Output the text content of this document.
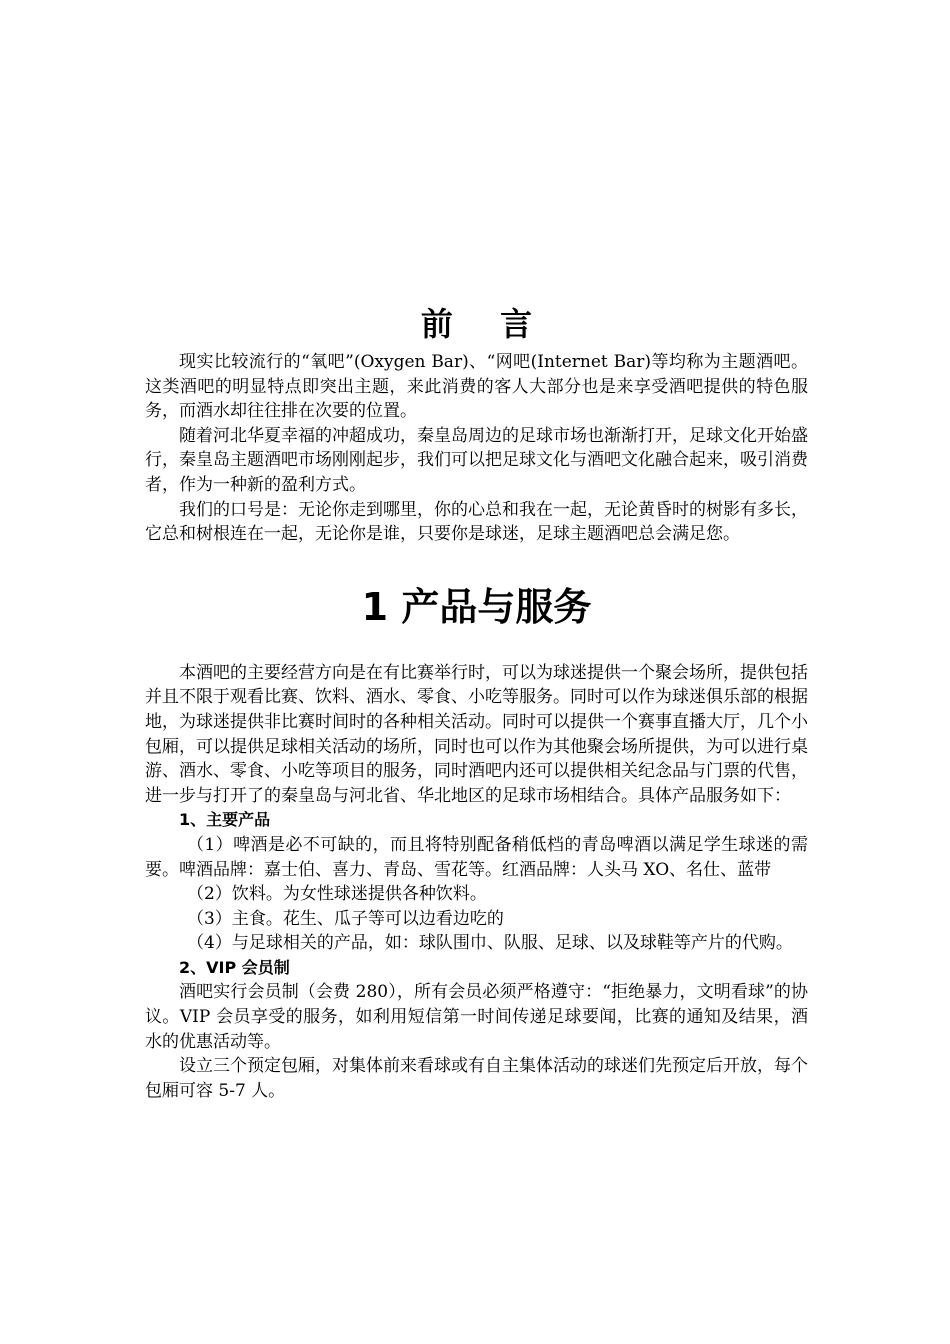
前 言

现实比较流行的“氧吧”(Oxygen Bar)、“网吧(Internet Bar)等均称为主题酒吧。这类酒吧的明显特点即突出主题，来此消费的客人大部分也是来享受酒吧提供的特色服务，而酒水却往往排在次要的位置。

随着河北华夏幸福的冲超成功，秦皇岛周边的足球市场也渐渐打开，足球文化开始盛行，秦皇岛主题酒吧市场刚刚起步，我们可以把足球文化与酒吧文化融合起来，吸引消费者，作为一种新的盈利方式。

我们的口号是：无论你走到哪里，你的心总和我在一起，无论黄昏时的树影有多长，它总和树根连在一起，无论你是谁，只要你是球迷，足球主题酒吧总会满足您。

1 产品与服务

本酒吧的主要经营方向是在有比赛举行时，可以为球迷提供一个聚会场所，提供包括并且不限于观看比赛、饮料、酒水、零食、小吃等服务。同时可以作为球迷俱乐部的根据地，为球迷提供非比赛时间时的各种相关活动。同时可以提供一个赛事直播大厅，几个小包厢，可以提供足球相关活动的场所，同时也可以作为其他聚会场所提供，为可以进行桌游、酒水、零食、小吃等项目的服务，同时酒吧内还可以提供相关纪念品与门票的代售，进一步与打开了的秦皇岛与河北省、华北地区的足球市场相结合。具体产品服务如下：

1、主要产品

（1）啤酒是必不可缺的，而且将特别配备稍低档的青岛啤酒以满足学生球迷的需要。啤酒品牌：嘉士伯、喜力、青岛、雪花等。红酒品牌：人头马 XO、名仕、蓝带

（2）饮料。为女性球迷提供各种饮料。

（3）主食。花生、瓜子等可以边看边吃的

（4）与足球相关的产品，如：球队围巾、队服、足球、以及球鞋等产片的代购。

2、VIP 会员制

酒吧实行会员制（会费 280），所有会员必须严格遵守：“拒绝暴力，文明看球”的协议。VIP 会员享受的服务，如利用短信第一时间传递足球要闻，比赛的通知及结果，酒水的优惠活动等。

设立三个预定包厢，对集体前来看球或有自主集体活动的球迷们先预定后开放，每个包厢可容 5-7 人。
